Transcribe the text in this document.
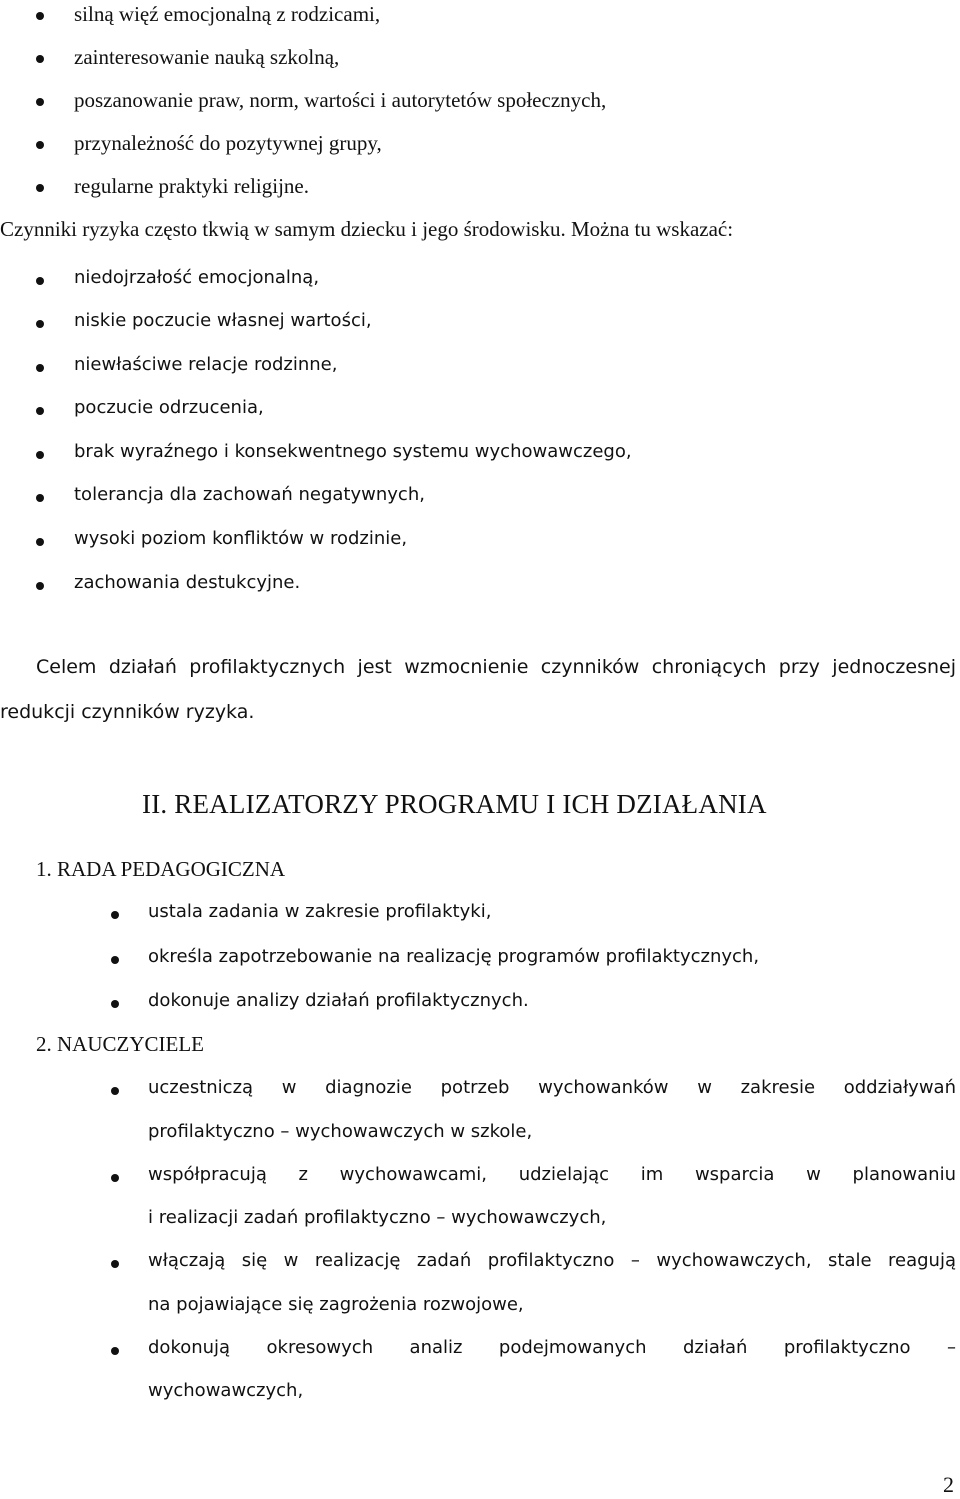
silną więź emocjonalną z rodzicami,
zainteresowanie nauką szkolną,
poszanowanie praw, norm, wartości i autorytetów społecznych,
przynależność do pozytywnej grupy,
regularne praktyki religijne.
Czynniki ryzyka często tkwią w samym dziecku i jego środowisku. Można tu wskazać:
niedojrzałość emocjonalną,
niskie poczucie własnej wartości,
niewłaściwe relacje rodzinne,
poczucie odrzucenia,
brak wyraźnego i konsekwentnego systemu wychowawczego,
tolerancja dla zachowań negatywnych,
wysoki poziom konfliktów w rodzinie,
zachowania destukcyjne.
Celem działań profilaktycznych jest wzmocnienie czynników chroniących przy jednoczesnej
redukcji czynników ryzyka.
II. REALIZATORZY PROGRAMU I ICH DZIAŁANIA
1. RADA PEDAGOGICZNA
ustala zadania w zakresie profilaktyki,
określa zapotrzebowanie na realizację programów profilaktycznych,
dokonuje analizy działań profilaktycznych.
2. NAUCZYCIELE
uczestniczą w diagnozie potrzeb wychowanków w zakresie oddziaływań
profilaktyczno – wychowawczych w szkole,
współpracują z wychowawcami, udzielając im wsparcia w planowaniu
i realizacji zadań profilaktyczno – wychowawczych,
włączają się w realizację zadań profilaktyczno – wychowawczych, stale reagują
na pojawiające się zagrożenia rozwojowe,
dokonują okresowych analiz podejmowanych działań profilaktyczno –
wychowawczych,
2
